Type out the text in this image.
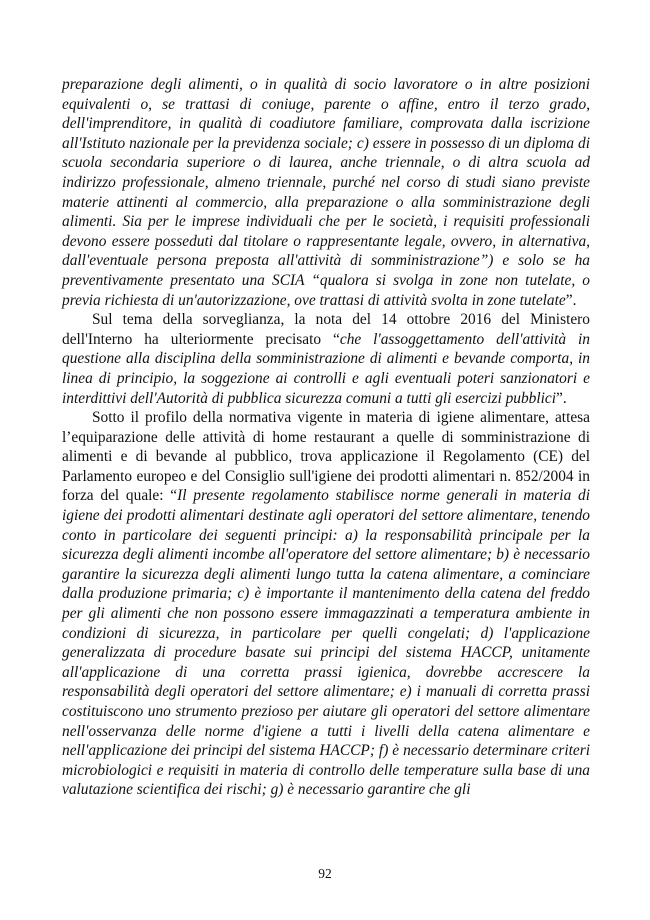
preparazione degli alimenti, o in qualità di socio lavoratore o in altre posizioni equivalenti o, se trattasi di coniuge, parente o affine, entro il terzo grado, dell'imprenditore, in qualità di coadiutore familiare, comprovata dalla iscrizione all'Istituto nazionale per la previdenza sociale; c) essere in possesso di un diploma di scuola secondaria superiore o di laurea, anche triennale, o di altra scuola ad indirizzo professionale, almeno triennale, purché nel corso di studi siano previste materie attinenti al commercio, alla preparazione o alla somministrazione degli alimenti. Sia per le imprese individuali che per le società, i requisiti professionali devono essere posseduti dal titolare o rappresentante legale, ovvero, in alternativa, dall'eventuale persona preposta all'attività di somministrazione”) e solo se ha preventivamente presentato una SCIA “qualora si svolga in zone non tutelate, o previa richiesta di un'autorizzazione, ove trattasi di attività svolta in zone tutelate”.

Sul tema della sorveglianza, la nota del 14 ottobre 2016 del Ministero dell'Interno ha ulteriormente precisato “che l'assoggettamento dell'attività in questione alla disciplina della somministrazione di alimenti e bevande comporta, in linea di principio, la soggezione ai controlli e agli eventuali poteri sanzionatori e interdittivi dell'Autorità di pubblica sicurezza comuni a tutti gli esercizi pubblici”.

Sotto il profilo della normativa vigente in materia di igiene alimentare, attesa l’equiparazione delle attività di home restaurant a quelle di somministrazione di alimenti e di bevande al pubblico, trova applicazione il Regolamento (CE) del Parlamento europeo e del Consiglio sull'igiene dei prodotti alimentari n. 852/2004 in forza del quale: “Il presente regolamento stabilisce norme generali in materia di igiene dei prodotti alimentari destinate agli operatori del settore alimentare, tenendo conto in particolare dei seguenti principi: a) la responsabilità principale per la sicurezza degli alimenti incombe all'operatore del settore alimentare; b) è necessario garantire la sicurezza degli alimenti lungo tutta la catena alimentare, a cominciare dalla produzione primaria; c) è importante il mantenimento della catena del freddo per gli alimenti che non possono essere immagazzinati a temperatura ambiente in condizioni di sicurezza, in particolare per quelli congelati; d) l'applicazione generalizzata di procedure basate sui principi del sistema HACCP, unitamente all'applicazione di una corretta prassi igienica, dovrebbe accrescere la responsabilità degli operatori del settore alimentare; e) i manuali di corretta prassi costituiscono uno strumento prezioso per aiutare gli operatori del settore alimentare nell'osservanza delle norme d'igiene a tutti i livelli della catena alimentare e nell'applicazione dei principi del sistema HACCP; f) è necessario determinare criteri microbiologici e requisiti in materia di controllo delle temperature sulla base di una valutazione scientifica dei rischi; g) è necessario garantire che gli

92
